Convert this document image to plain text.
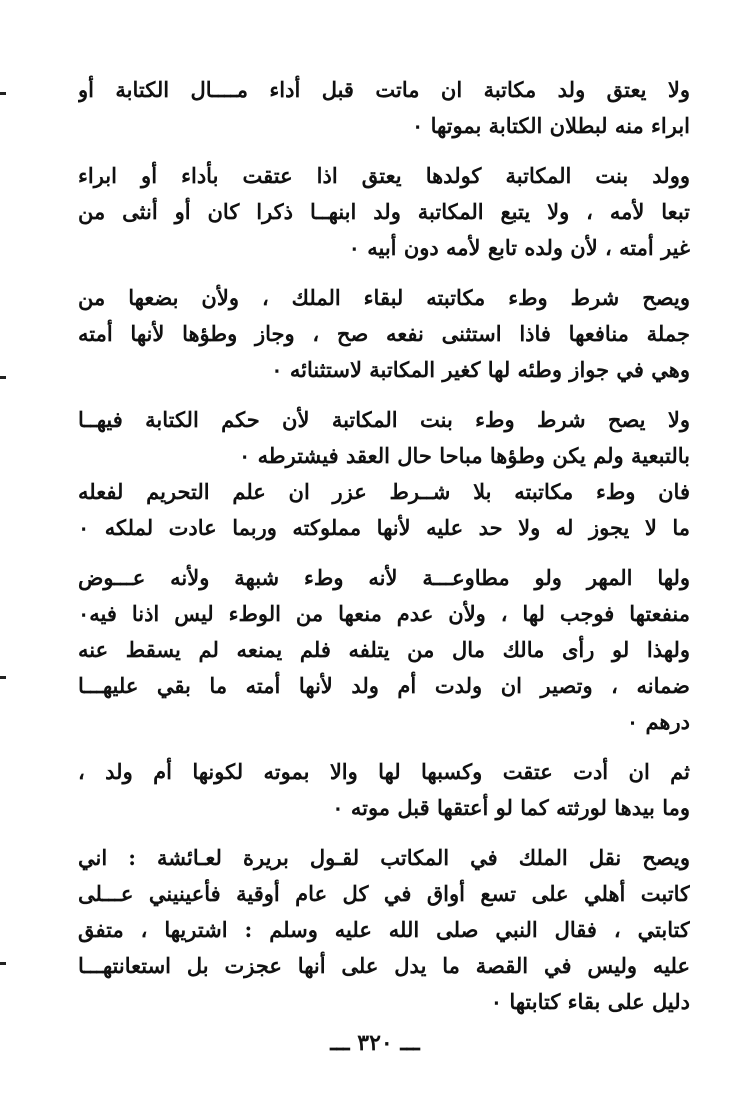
ولا يعتق ولد مكاتبة ان ماتت قبل أداء مــــال الكتابة أو
ابراء منه لبطلان الكتابة بموتها ٠
وولد بنت المكاتبة كولدها يعتق اذا عتقت بأداء أو ابراء
تبعا لأمه ، ولا يتبع المكاتبة ولد ابنهــا ذكرا كان أو أنثى من
غير أمته ، لأن ولده تابع لأمه دون أبيه ٠
ويصح شرط وطء مكاتبته لبقاء الملك ، ولأن بضعها من
جملة منافعها فاذا استثنى نفعه صح ، وجاز وطؤها لأنها أمته
وهي في جواز وطئه لها كغير المكاتبة لاستثنائه ٠
ولا يصح شرط وطء بنت المكاتبة لأن حكم الكتابة فيهــا
بالتبعية ولم يكن وطؤها مباحا حال العقد فيشترطه ٠
فان وطء مكاتبته بلا شــرط عزر ان علم التحريم لفعله
ما لا يجوز له ولا حد عليه لأنها مملوكته وربما عادت لملكه ٠
ولها المهر ولو مطاوعـــة لأنه وطء شبهة ولأنه عـــوض
منفعتها فوجب لها ، ولأن عدم منعها من الوطء ليس اذنا فيه٠
ولهذا لو رأى مالك مال من يتلفه فلم يمنعه لم يسقط عنه
ضمانه ، وتصير ان ولدت أم ولد لأنها أمته ما بقي عليهـــا
درهم ٠
ثم ان أدت عتقت وكسبها لها والا بموته لكونها أم ولد ،
وما بيدها لورثته كما لو أعتقها قبل موته ٠
ويصح نقل الملك في المكاتب لقـول بريرة لعـائشة : اني
كاتبت أهلي على تسع أواق في كل عام أوقية فأعينيني عـــلى
كتابتي ، فقال النبي صلى الله عليه وسلم : اشتريها ، متفق
عليه وليس في القصة ما يدل على أنها عجزت بل استعانتهـــا
دليل على بقاء كتابتها ٠
ـــ ٣٢٠ ـــ
